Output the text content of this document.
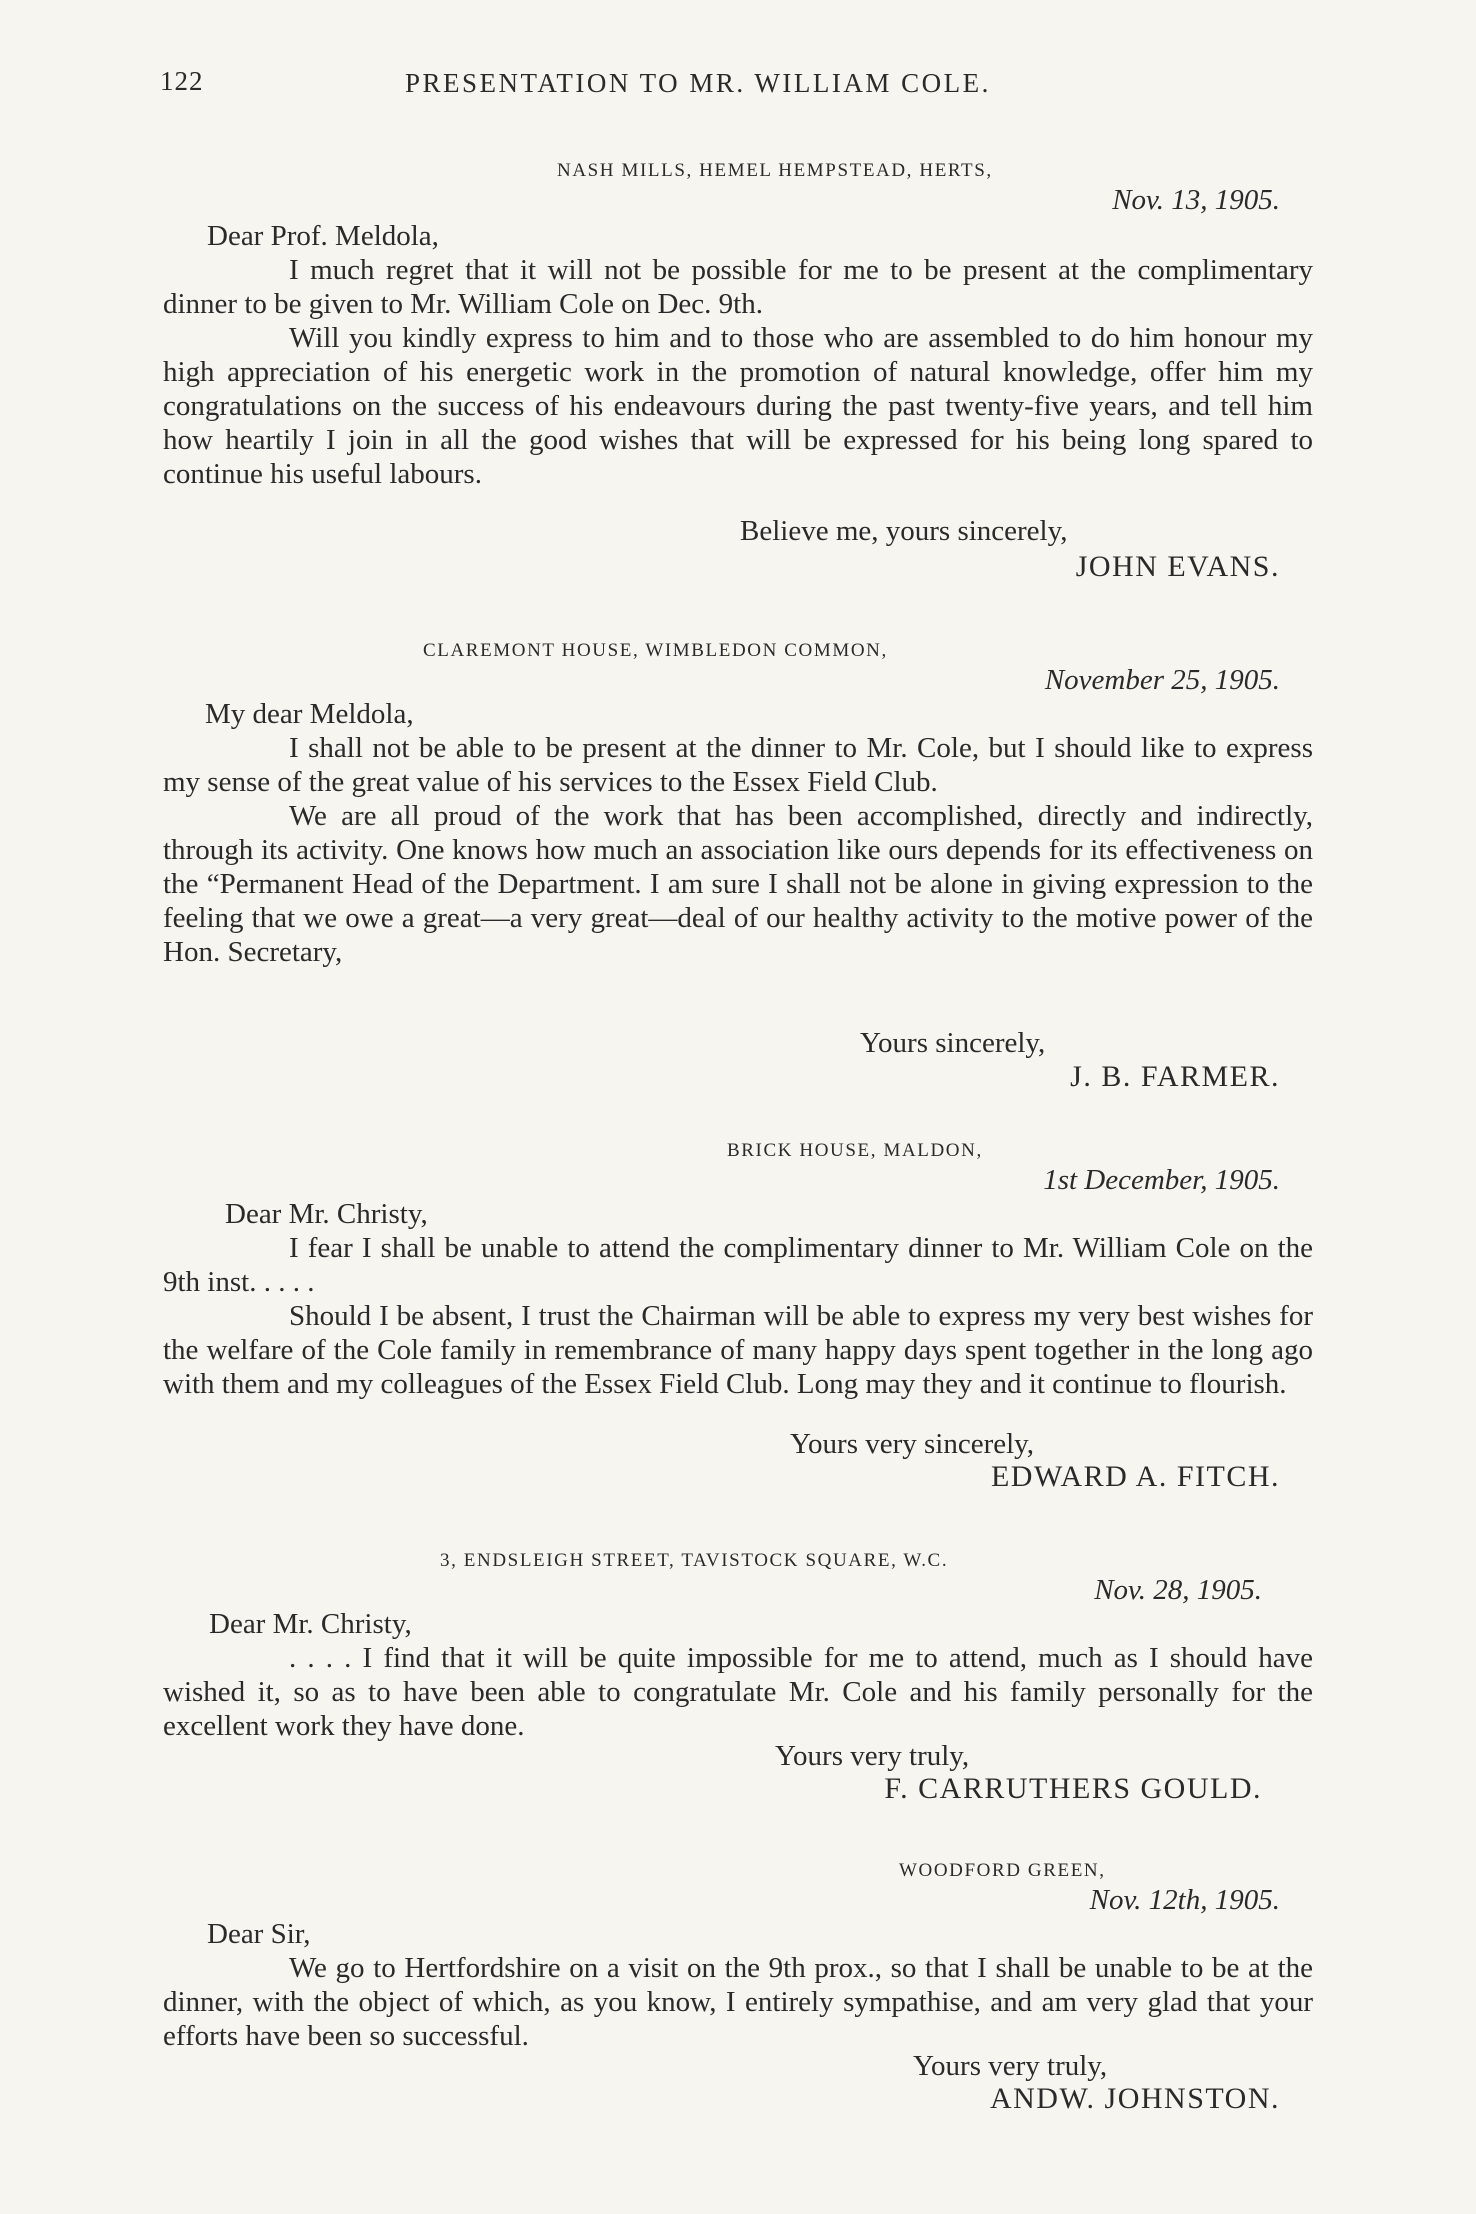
122	PRESENTATION TO MR. WILLIAM COLE.
NASH MILLS, HEMEL HEMPSTEAD, HERTS,
Nov. 13, 1905.
Dear Prof. Meldola,

I much regret that it will not be possible for me to be present at the complimentary dinner to be given to Mr. William Cole on Dec. 9th.

Will you kindly express to him and to those who are assembled to do him honour my high appreciation of his energetic work in the promotion of natural knowledge, offer him my congratulations on the success of his endeavours during the past twenty-five years, and tell him how heartily I join in all the good wishes that will be expressed for his being long spared to continue his useful labours.

Believe me, yours sincerely,
JOHN EVANS.
CLAREMONT HOUSE, WIMBLEDON COMMON,
November 25, 1905.
My dear Meldola,

I shall not be able to be present at the dinner to Mr. Cole, but I should like to express my sense of the great value of his services to the Essex Field Club.

We are all proud of the work that has been accomplished, directly and indirectly, through its activity. One knows how much an association like ours depends for its effectiveness on the “Permanent Head of the Department. I am sure I shall not be alone in giving expression to the feeling that we owe a great—a very great—deal of our healthy activity to the motive power of the Hon. Secretary,

Yours sincerely,
J. B. FARMER.
BRICK HOUSE, MALDON,
1st December, 1905.
Dear Mr. Christy,

I fear I shall be unable to attend the complimentary dinner to Mr. William Cole on the 9th inst. . . . .

Should I be absent, I trust the Chairman will be able to express my very best wishes for the welfare of the Cole family in remembrance of many happy days spent together in the long ago with them and my colleagues of the Essex Field Club. Long may they and it continue to flourish.

Yours very sincerely,
EDWARD A. FITCH.
3, ENDSLEIGH STREET, TAVISTOCK SQUARE, W.C.
Nov. 28, 1905.
Dear Mr. Christy,

. . . . I find that it will be quite impossible for me to attend, much as I should have wished it, so as to have been able to congratulate Mr. Cole and his family personally for the excellent work they have done.

Yours very truly,
F. CARRUTHERS GOULD.
WOODFORD GREEN,
Nov. 12th, 1905.
Dear Sir,

We go to Hertfordshire on a visit on the 9th prox., so that I shall be unable to be at the dinner, with the object of which, as you know, I entirely sympathise, and am very glad that your efforts have been so successful.

Yours very truly,
ANDW. JOHNSTON.
